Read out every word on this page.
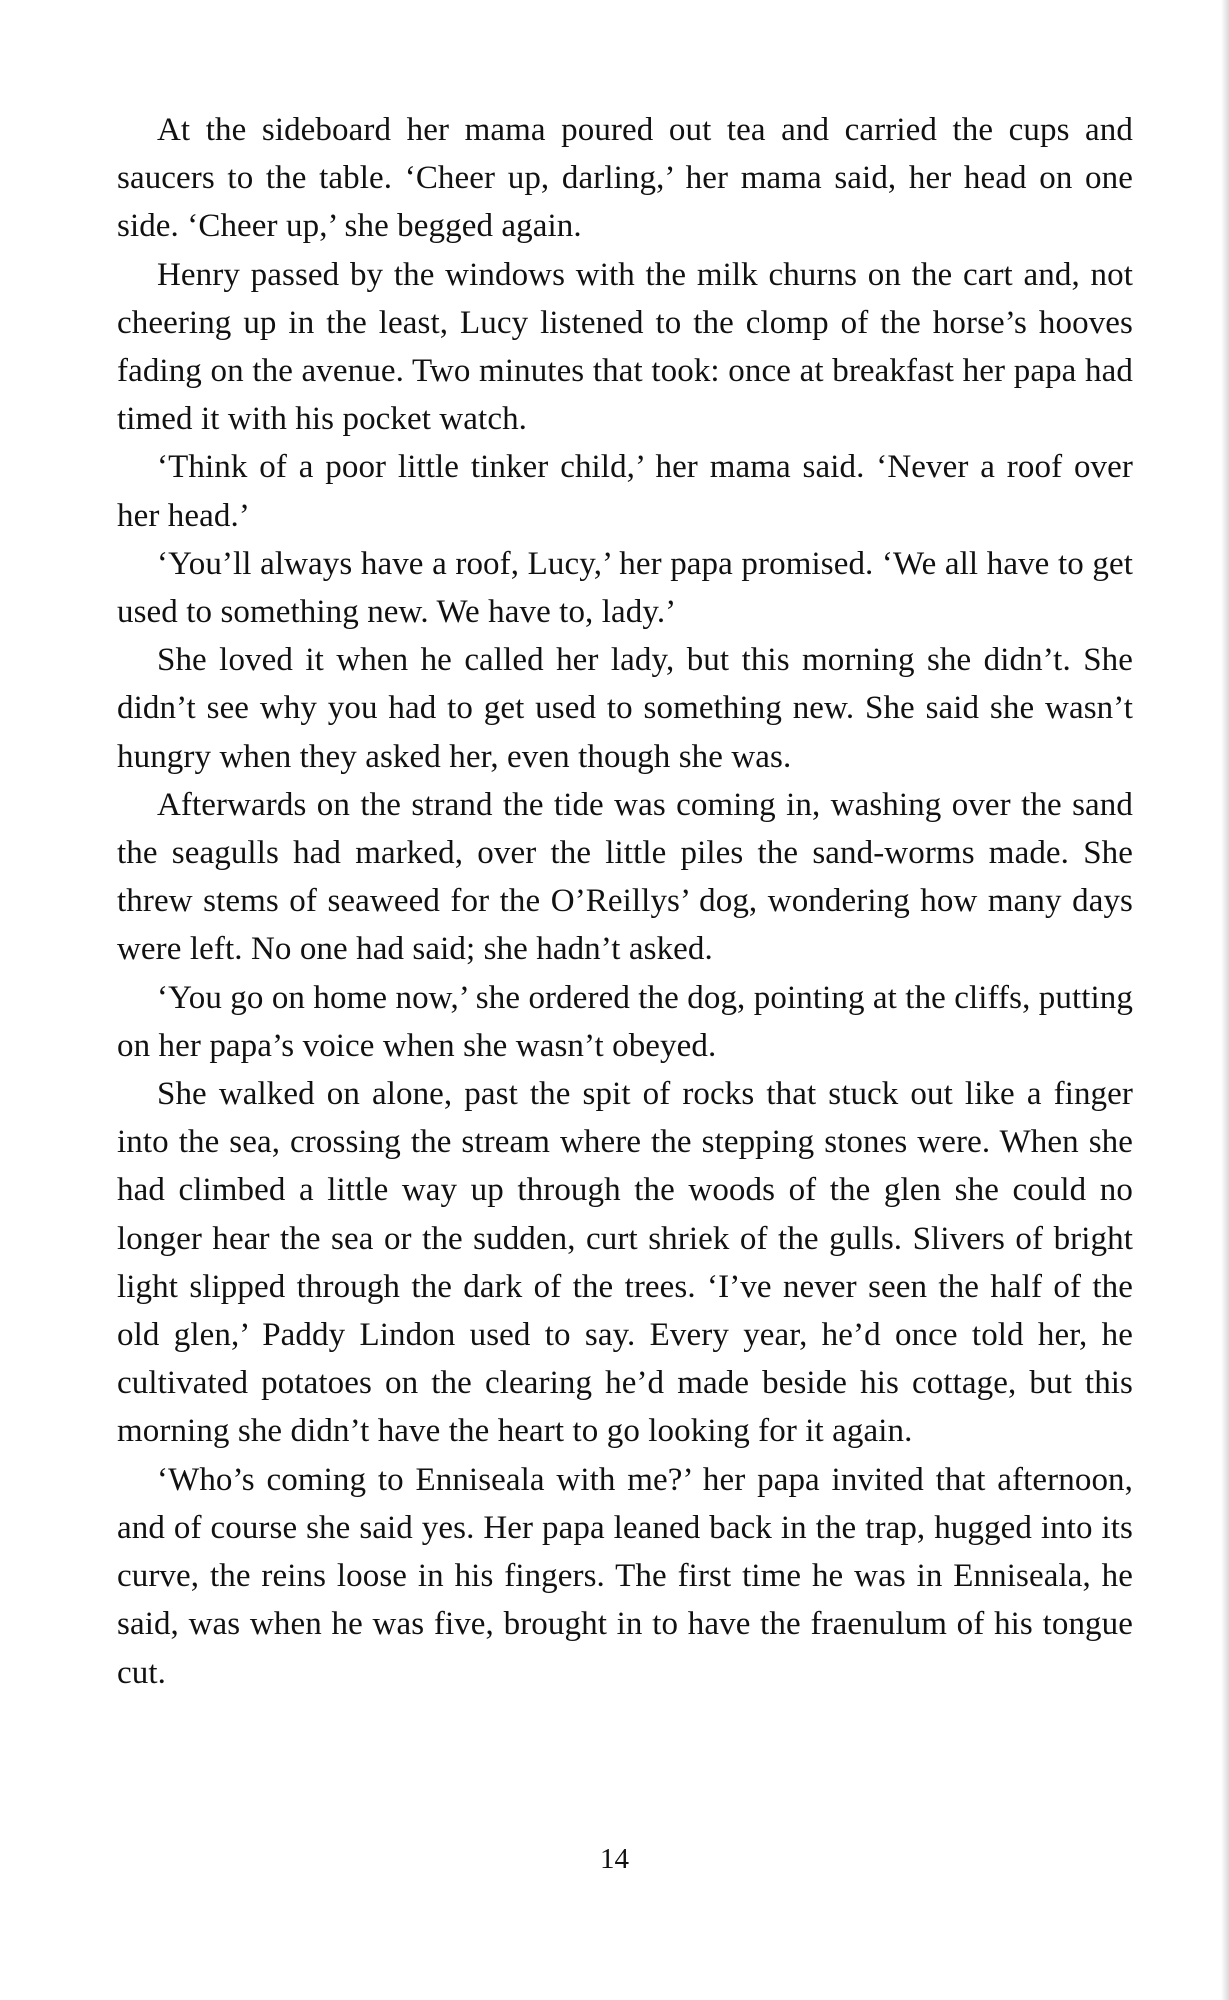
At the sideboard her mama poured out tea and carried the cups and saucers to the table. ‘Cheer up, darling,’ her mama said, her head on one side. ‘Cheer up,’ she begged again.

Henry passed by the windows with the milk churns on the cart and, not cheering up in the least, Lucy listened to the clomp of the horse’s hooves fading on the avenue. Two minutes that took: once at breakfast her papa had timed it with his pocket watch.

‘Think of a poor little tinker child,’ her mama said. ‘Never a roof over her head.’

‘You’ll always have a roof, Lucy,’ her papa promised. ‘We all have to get used to something new. We have to, lady.’

She loved it when he called her lady, but this morning she didn’t. She didn’t see why you had to get used to something new. She said she wasn’t hungry when they asked her, even though she was.

Afterwards on the strand the tide was coming in, washing over the sand the seagulls had marked, over the little piles the sand-worms made. She threw stems of seaweed for the O’Reillys’ dog, wondering how many days were left. No one had said; she hadn’t asked.

‘You go on home now,’ she ordered the dog, pointing at the cliffs, putting on her papa’s voice when she wasn’t obeyed.

She walked on alone, past the spit of rocks that stuck out like a finger into the sea, crossing the stream where the stepping stones were. When she had climbed a little way up through the woods of the glen she could no longer hear the sea or the sudden, curt shriek of the gulls. Slivers of bright light slipped through the dark of the trees. ‘I’ve never seen the half of the old glen,’ Paddy Lindon used to say. Every year, he’d once told her, he cultivated potatoes on the clearing he’d made beside his cottage, but this morning she didn’t have the heart to go looking for it again.

‘Who’s coming to Enniseala with me?’ her papa invited that afternoon, and of course she said yes. Her papa leaned back in the trap, hugged into its curve, the reins loose in his fingers. The first time he was in Enniseala, he said, was when he was five, brought in to have the fraenulum of his tongue cut.

14
